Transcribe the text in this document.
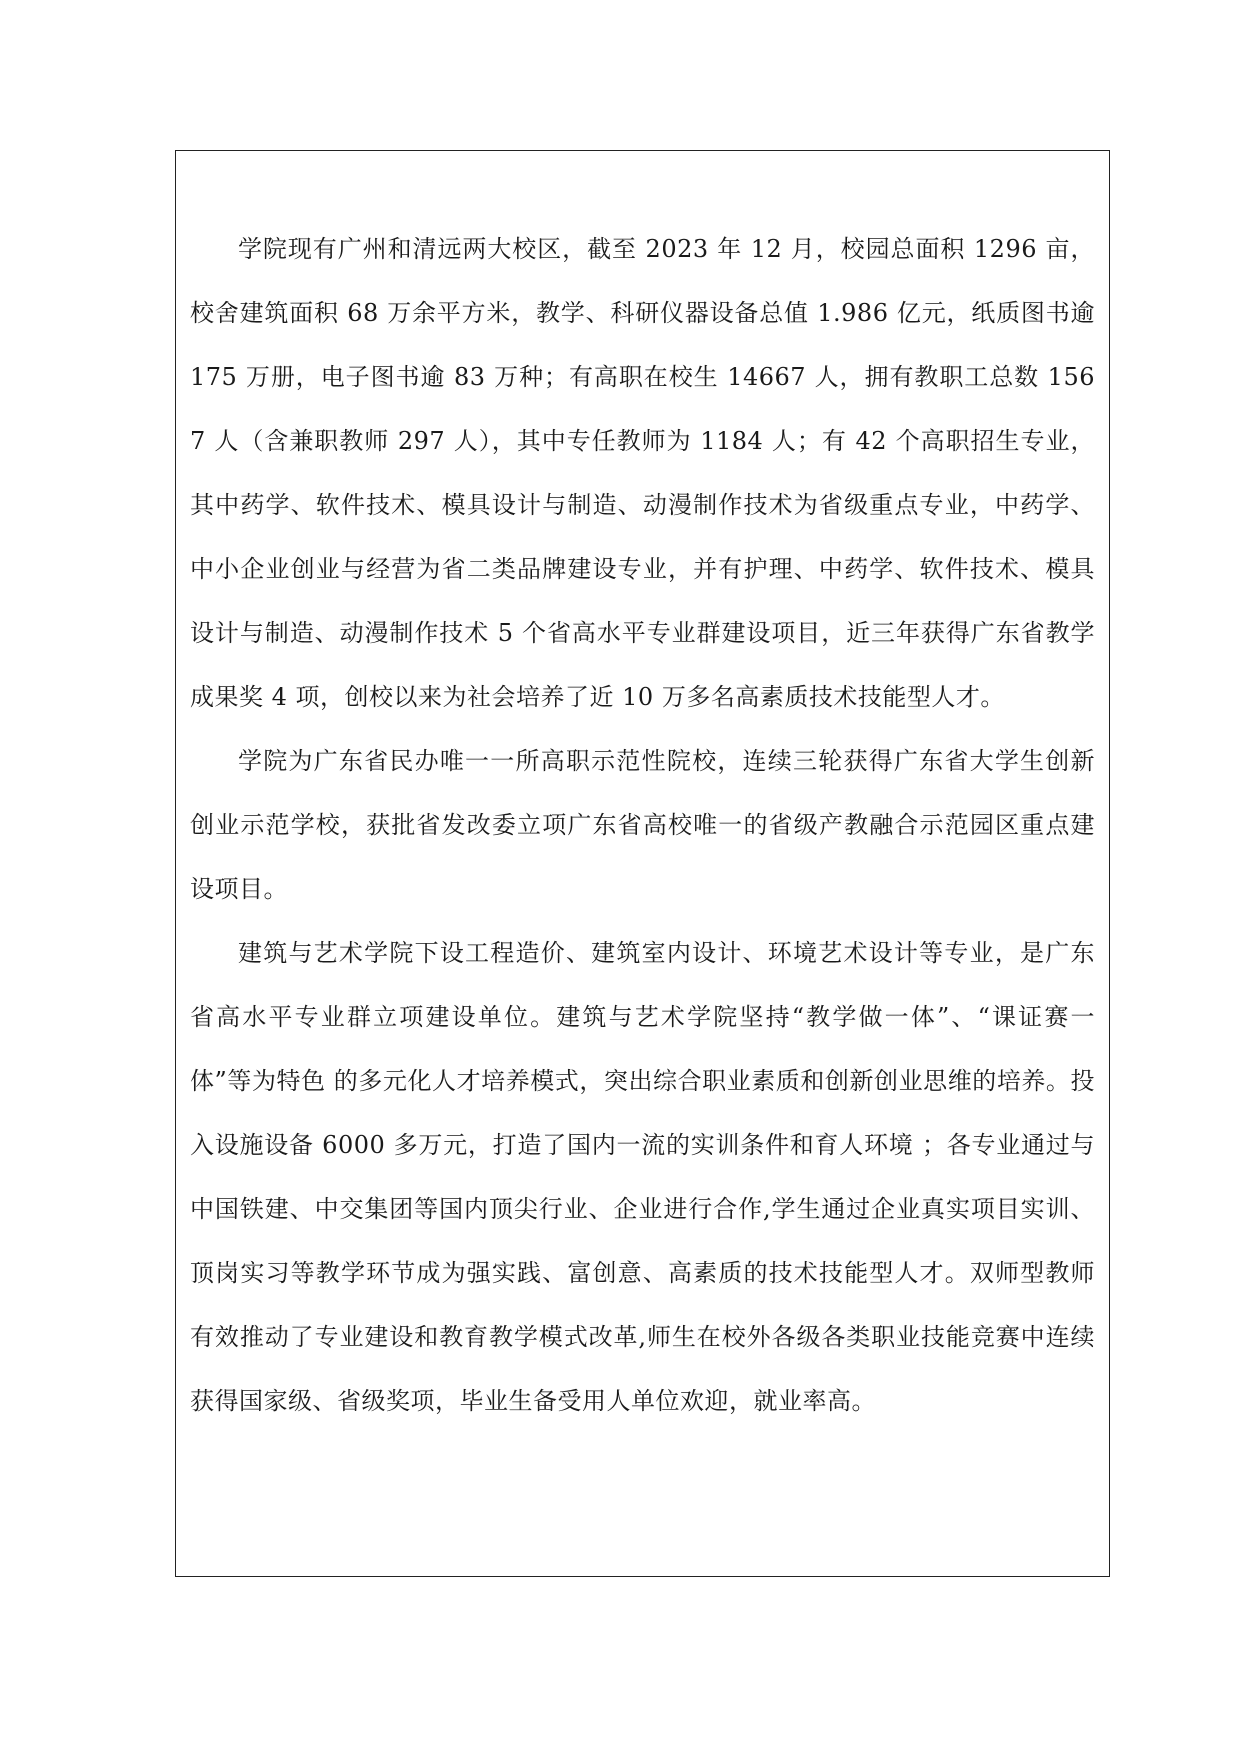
学院现有广州和清远两大校区，截至 2023 年 12 月，校园总面积 1296 亩，校舍建筑面积 68 万余平方米，教学、科研仪器设备总值 1.986 亿元，纸质图书逾 175 万册，电子图书逾 83 万种；有高职在校生 14667 人，拥有教职工总数 1567 人（含兼职教师 297 人），其中专任教师为 1184 人；有 42 个高职招生专业，其中药学、软件技术、模具设计与制造、动漫制作技术为省级重点专业，中药学、中小企业创业与经营为省二类品牌建设专业，并有护理、中药学、软件技术、模具设计与制造、动漫制作技术 5 个省高水平专业群建设项目，近三年获得广东省教学成果奖 4 项，创校以来为社会培养了近 10 万多名高素质技术技能型人才。

学院为广东省民办唯一一所高职示范性院校，连续三轮获得广东省大学生创新创业示范学校，获批省发改委立项广东省高校唯一的省级产教融合示范园区重点建设项目。

建筑与艺术学院下设工程造价、建筑室内设计、环境艺术设计等专业，是广东省高水平专业群立项建设单位。建筑与艺术学院坚持“教学做一体”、“课证赛一体”等为特色 的多元化人才培养模式，突出综合职业素质和创新创业思维的培养。投入设施设备 6000 多万元，打造了国内一流的实训条件和育人环境 ；各专业通过与中国铁建、中交集团等国内顶尖行业、企业进行合作,学生通过企业真实项目实训、顶岗实习等教学环节成为强实践、富创意、高素质的技术技能型人才。双师型教师有效推动了专业建设和教育教学模式改革,师生在校外各级各类职业技能竞赛中连续获得国家级、省级奖项，毕业生备受用人单位欢迎，就业率高。
